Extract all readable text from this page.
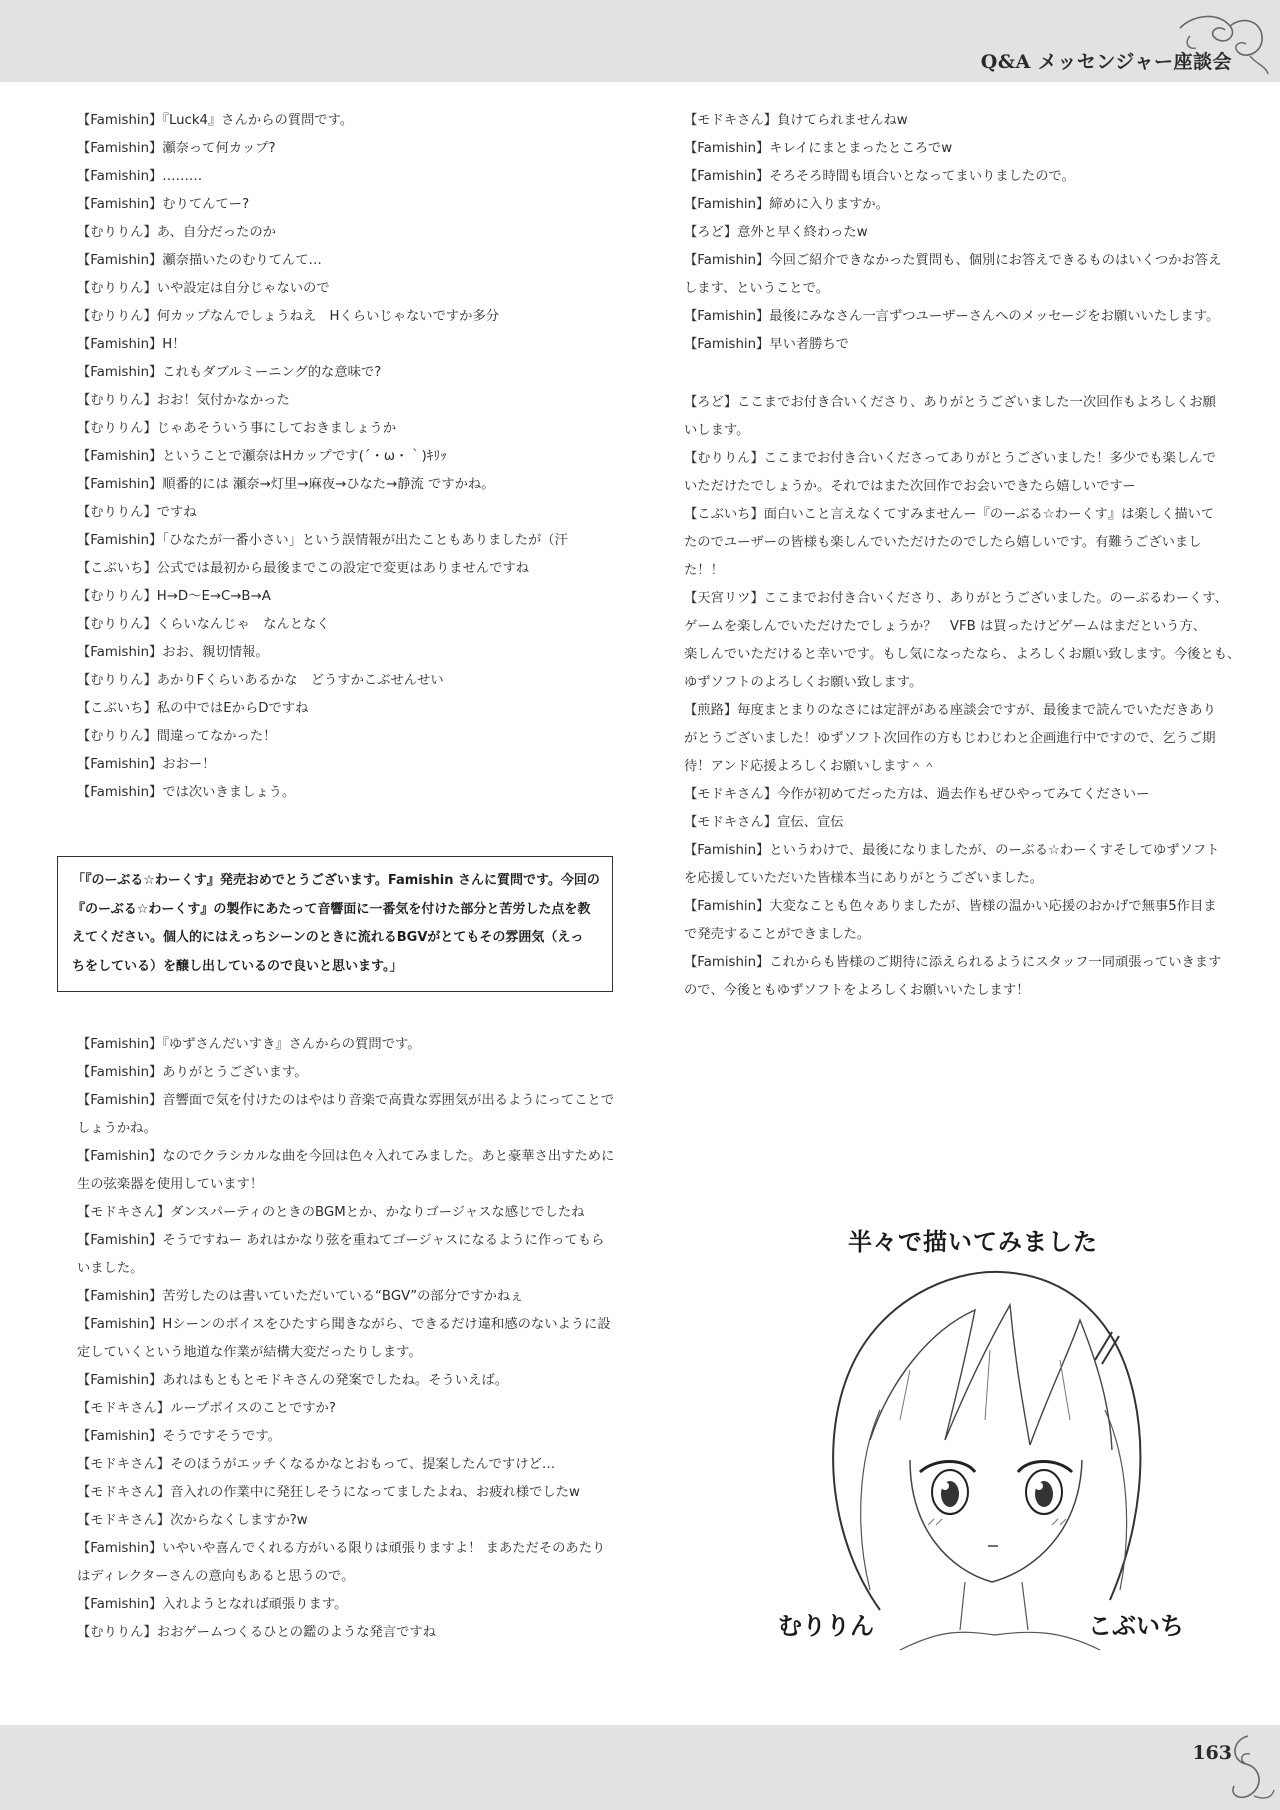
Q&A メッセンジャー座談会
【Famishin】『Luck4』さんからの質問です。
【Famishin】瀬奈って何カップ?
【Famishin】………
【Famishin】むりてんてー?
【むりりん】あ、自分だったのか
【Famishin】瀬奈描いたのむりてんて…
【むりりん】いや設定は自分じゃないので
【むりりん】何カップなんでしょうねえ　Hくらいじゃないですか多分
【Famishin】H！
【Famishin】これもダブルミーニング的な意味で?
【むりりん】おお！気付かなかった
【むりりん】じゃあそういう事にしておきましょうか
【Famishin】ということで瀬奈はHカップです(´・ω・｀)ｷﾘｯ
【Famishin】順番的には 瀬奈→灯里→麻夜→ひなた→静流 ですかね。
【むりりん】ですね
【Famishin】「ひなたが一番小さい」という誤情報が出たこともありましたが（汗
【こぶいち】公式では最初から最後までこの設定で変更はありませんですね
【むりりん】H→D〜E→C→B→A
【むりりん】くらいなんじゃ　なんとなく
【Famishin】おお、親切情報。
【むりりん】あかりFくらいあるかな　どうすかこぶせんせい
【こぶいち】私の中ではEからDですね
【むりりん】間違ってなかった！
【Famishin】おおー！
【Famishin】では次いきましょう。
「『のーぶる☆わーくす』発売おめでとうございます。Famishin さんに質問です。今回の
『のーぶる☆わーくす』の製作にあたって音響面に一番気を付けた部分と苦労した点を教
えてください。個人的にはえっちシーンのときに流れるBGVがとてもその雰囲気（えっ
ちをしている）を醸し出しているので良いと思います。」
【Famishin】『ゆずさんだいすき』さんからの質問です。
【Famishin】ありがとうございます。
【Famishin】音響面で気を付けたのはやはり音楽で高貴な雰囲気が出るようにってことで
しょうかね。
【Famishin】なのでクラシカルな曲を今回は色々入れてみました。あと豪華さ出すために
生の弦楽器を使用しています！
【モドキさん】ダンスパーティのときのBGMとか、かなりゴージャスな感じでしたね
【Famishin】そうですねー あれはかなり弦を重ねてゴージャスになるように作ってもら
いました。
【Famishin】苦労したのは書いていただいている“BGV”の部分ですかねぇ
【Famishin】Hシーンのボイスをひたすら聞きながら、できるだけ違和感のないように設
定していくという地道な作業が結構大変だったりします。
【Famishin】あれはもともとモドキさんの発案でしたね。そういえば。
【モドキさん】ループボイスのことですか?
【Famishin】そうですそうです。
【モドキさん】そのほうがエッチくなるかなとおもって、提案したんですけど…
【モドキさん】音入れの作業中に発狂しそうになってましたよね、お疲れ様でしたw
【モドキさん】次からなくしますか?w
【Famishin】いやいや喜んでくれる方がいる限りは頑張りますよ！ まあただそのあたり
はディレクターさんの意向もあると思うので。
【Famishin】入れようとなれば頑張ります。
【むりりん】おおゲームつくるひとの鑑のような発言ですね
【モドキさん】負けてられませんねw
【Famishin】キレイにまとまったところでw
【Famishin】そろそろ時間も頃合いとなってまいりましたので。
【Famishin】締めに入りますか。
【ろど】意外と早く終わったw
【Famishin】今回ご紹介できなかった質問も、個別にお答えできるものはいくつかお答え
します、ということで。
【Famishin】最後にみなさん一言ずつユーザーさんへのメッセージをお願いいたします。
【Famishin】早い者勝ちで
【ろど】ここまでお付き合いくださり、ありがとうございました一次回作もよろしくお願
いします。
【むりりん】ここまでお付き合いくださってありがとうございました！多少でも楽しんで
いただけたでしょうか。それではまた次回作でお会いできたら嬉しいですー
【こぶいち】面白いこと言えなくてすみませんー『のーぶる☆わーくす』は楽しく描いて
たのでユーザーの皆様も楽しんでいただけたのでしたら嬉しいです。有難うございまし
た！！
【天宮リツ】ここまでお付き合いくださり、ありがとうございました。のーぶるわーくす、
ゲームを楽しんでいただけたでしょうか？　VFB は買ったけどゲームはまだという方、
楽しんでいただけると幸いです。もし気になったなら、よろしくお願い致します。今後とも、
ゆずソフトのよろしくお願い致します。
【煎路】毎度まとまりのなさには定評がある座談会ですが、最後まで読んでいただきあり
がとうございました！ゆずソフト次回作の方もじわじわと企画進行中ですので、乞うご期
待！アンド応援よろしくお願いします＾＾
【モドキさん】今作が初めてだった方は、過去作もぜひやってみてくださいー
【モドキさん】宣伝、宣伝
【Famishin】というわけで、最後になりましたが、のーぶる☆わーくすそしてゆずソフト
を応援していただいた皆様本当にありがとうございました。
【Famishin】大変なことも色々ありましたが、皆様の温かい応援のおかげで無事5作目ま
で発売することができました。
【Famishin】これからも皆様のご期待に添えられるようにスタッフ一同頑張っていきます
ので、今後ともゆずソフトをよろしくお願いいたします！
半々で描いてみました
むりりん	こぶいち
163
